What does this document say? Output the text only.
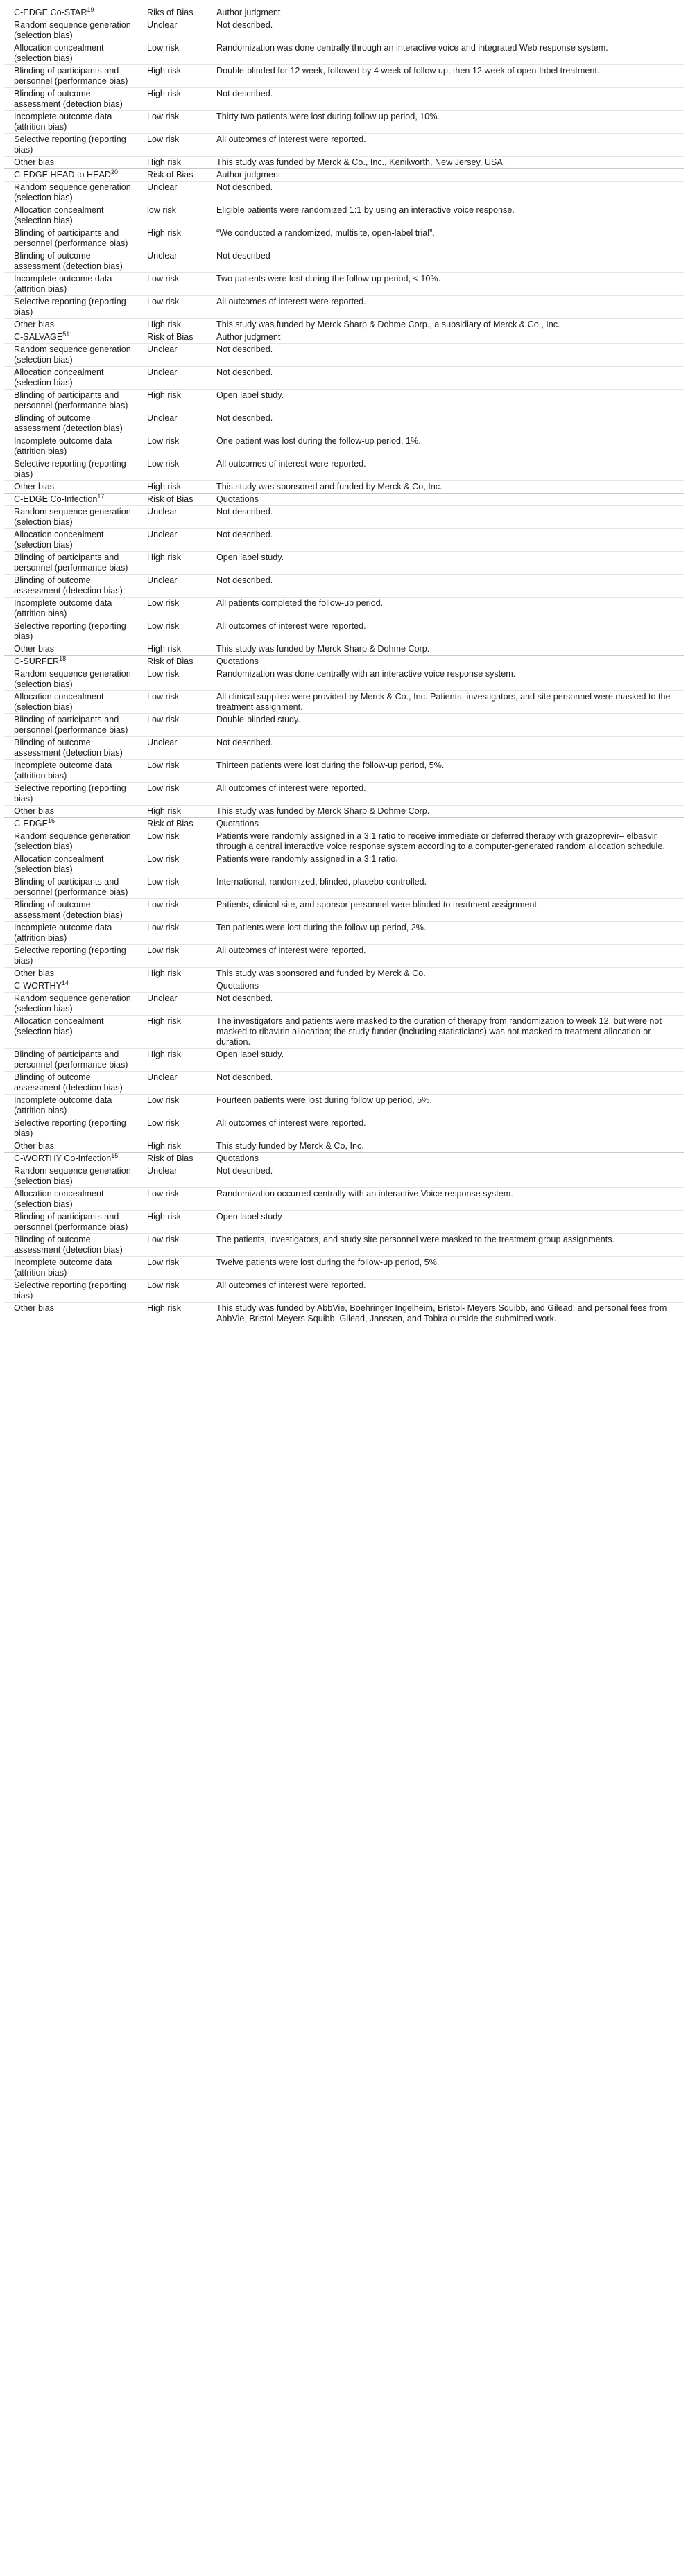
C-EDGE Co-STAR$^{19}$	Riks of Bias	Author judgment
Random sequence generation (selection bias)	Unclear	Not described.
Allocation concealment (selection bias)	Low risk	Randomization was done centrally through an interactive voice and integrated Web response system.
Blinding of participants and personnel (performance bias)	High risk	Double-blinded for 12 week, followed by 4 week of follow up, then 12 week of open-label treatment.
Blinding of outcome assessment (detection bias)	High risk	Not described.
Incomplete outcome data (attrition bias)	Low risk	Thirty two patients were lost during follow up period, 10%.
Selective reporting (reporting bias)	Low risk	All outcomes of interest were reported.
Other bias	High risk	This study was funded by Merck & Co., Inc., Kenilworth, New Jersey, USA.
C-EDGE HEAD to HEAD$^{20}$	Risk of Bias	Author judgment
Random sequence generation (selection bias)	Unclear	Not described.
Allocation concealment (selection bias)	low risk	Eligible patients were randomized 1:1 by using an interactive voice response.
Blinding of participants and personnel (performance bias)	High risk	“We conducted a randomized, multisite, open-label trial”.
Blinding of outcome assessment (detection bias)	Unclear	Not described
Incomplete outcome data (attrition bias)	Low risk	Two patients were lost during the follow-up period, < 10%.
Selective reporting (reporting bias)	Low risk	All outcomes of interest were reported.
Other bias	High risk	This study was funded by Merck Sharp & Dohme Corp., a subsidiary of Merck & Co., Inc.
C-SALVAGE$^{51}$	Risk of Bias	Author judgment
Random sequence generation (selection bias)	Unclear	Not described.
Allocation concealment (selection bias)	Unclear	Not described.
Blinding of participants and personnel (performance bias)	High risk	Open label study.
Blinding of outcome assessment (detection bias)	Unclear	Not described.
Incomplete outcome data (attrition bias)	Low risk	One patient was lost during the follow-up period, 1%.
Selective reporting (reporting bias)	Low risk	All outcomes of interest were reported.
Other bias	High risk	This study was sponsored and funded by Merck & Co, Inc.
C-EDGE Co-Infection$^{17}$	Risk of Bias	Quotations
Random sequence generation (selection bias)	Unclear	Not described.
Allocation concealment (selection bias)	Unclear	Not described.
Blinding of participants and personnel (performance bias)	High risk	Open label study.
Blinding of outcome assessment (detection bias)	Unclear	Not described.
Incomplete outcome data (attrition bias)	Low risk	All patients completed the follow-up period.
Selective reporting (reporting bias)	Low risk	All outcomes of interest were reported.
Other bias	High risk	This study was funded by Merck Sharp & Dohme Corp.
C-SURFER$^{18}$	Risk of Bias	Quotations
Random sequence generation (selection bias)	Low risk	Randomization was done centrally with an interactive voice response system.
Allocation concealment (selection bias)	Low risk	All clinical supplies were provided by Merck & Co., Inc. Patients, investigators, and site personnel were masked to the treatment assignment.
Blinding of participants and personnel (performance bias)	Low risk	Double-blinded study.
Blinding of outcome assessment (detection bias)	Unclear	Not described.
Incomplete outcome data (attrition bias)	Low risk	Thirteen patients were lost during the follow-up period, 5%.
Selective reporting (reporting bias)	Low risk	All outcomes of interest were reported.
Other bias	High risk	This study was funded by Merck Sharp & Dohme Corp.
C-EDGE$^{16}$	Risk of Bias	Quotations
Random sequence generation (selection bias)	Low risk	Patients were randomly assigned in a 3:1 ratio to receive immediate or deferred therapy with grazoprevir– elbasvir through a central interactive voice response system according to a computer-generated random allocation schedule.
Allocation concealment (selection bias)	Low risk	Patients were randomly assigned in a 3:1 ratio.
Blinding of participants and personnel (performance bias)	Low risk	International, randomized, blinded, placebo-controlled.
Blinding of outcome assessment (detection bias)	Low risk	Patients, clinical site, and sponsor personnel were blinded to treatment assignment.
Incomplete outcome data (attrition bias)	Low risk	Ten patients were lost during the follow-up period, 2%.
Selective reporting (reporting bias)	Low risk	All outcomes of interest were reported.
Other bias	High risk	This study was sponsored and funded by Merck & Co.
C-WORTHY$^{14}$		Quotations
Random sequence generation (selection bias)	Unclear	Not described.
Allocation concealment (selection bias)	High risk	The investigators and patients were masked to the duration of therapy from randomization to week 12, but were not masked to ribavirin allocation; the study funder (including statisticians) was not masked to treatment allocation or duration.
Blinding of participants and personnel (performance bias)	High risk	Open label study.
Blinding of outcome assessment (detection bias)	Unclear	Not described.
Incomplete outcome data (attrition bias)	Low risk	Fourteen patients were lost during follow up period, 5%.
Selective reporting (reporting bias)	Low risk	All outcomes of interest were reported.
Other bias	High risk	This study funded by Merck & Co, Inc.
C-WORTHY Co-Infection$^{15}$	Risk of Bias	Quotations
Random sequence generation (selection bias)	Unclear	Not described.
Allocation concealment (selection bias)	Low risk	Randomization occurred centrally with an interactive Voice response system.
Blinding of participants and personnel (performance bias)	High risk	Open label study
Blinding of outcome assessment (detection bias)	Low risk	The patients, investigators, and study site personnel were masked to the treatment group assignments.
Incomplete outcome data (attrition bias)	Low risk	Twelve patients were lost during the follow-up period, 5%.
Selective reporting (reporting bias)	Low risk	All outcomes of interest were reported.
Other bias	High risk	This study was funded by AbbVie, Boehringer Ingelheim, Bristol- Meyers Squibb, and Gilead; and personal fees from AbbVie, Bristol-Meyers Squibb, Gilead, Janssen, and Tobira outside the submitted work.
